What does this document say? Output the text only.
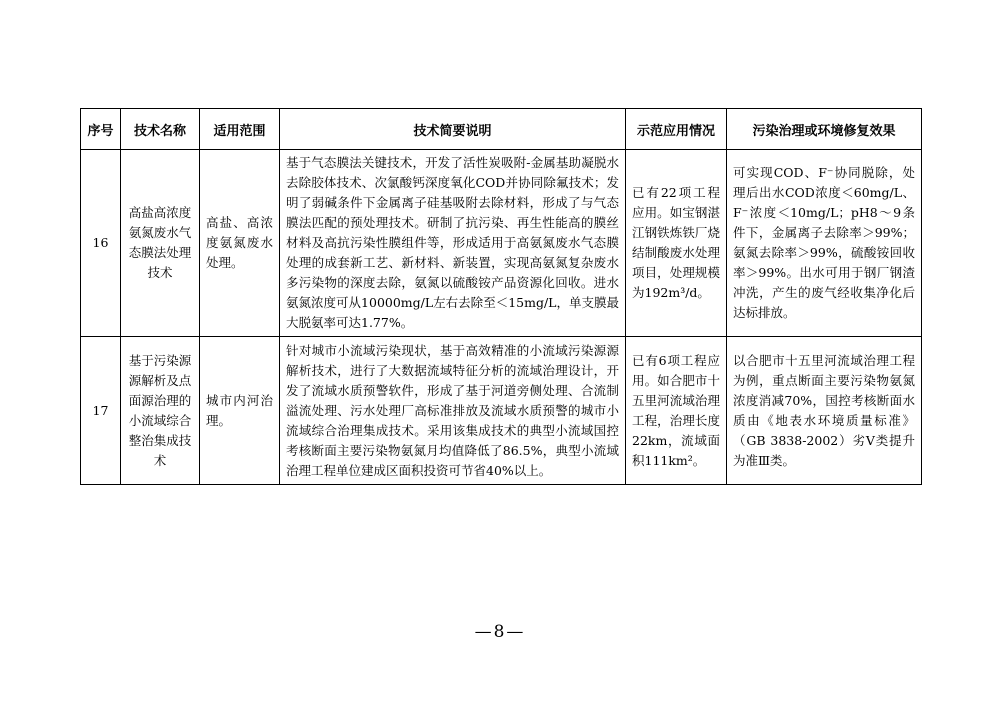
序号	技术名称	适用范围	技术简要说明	示范应用情况	污染治理或环境修复效果
16	高盐高浓度氨氮废水气态膜法处理技术	高盐、高浓度氨氮废水处理。	基于气态膜法关键技术，开发了活性炭吸附-金属基助凝脱水去除胶体技术、次氯酸钙深度氧化COD并协同除氟技术；发明了弱碱条件下金属离子硅基吸附去除材料，形成了与气态膜法匹配的预处理技术。研制了抗污染、再生性能高的膜丝材料及高抗污染性膜组件等，形成适用于高氨氮废水气态膜处理的成套新工艺、新材料、新装置，实现高氨氮复杂废水多污染物的深度去除，氨氮以硫酸铵产品资源化回收。进水氨氮浓度可从10000mg/L左右去除至＜15mg/L，单支膜最大脱氨率可达1.77%。	已有22项工程应用。如宝钢湛江钢铁炼铁厂烧结制酸废水处理项目，处理规模为192m³/d。	可实现COD、F⁻协同脱除，处理后出水COD浓度＜60mg/L、F⁻浓度＜10mg/L；pH8～9条件下，金属离子去除率＞99%；氨氮去除率＞99%，硫酸铵回收率＞99%。出水可用于钢厂钢渣冲洗，产生的废气经收集净化后达标排放。
17	基于污染源源解析及点面源治理的小流域综合整治集成技术	城市内河治理。	针对城市小流域污染现状，基于高效精准的小流域污染源源解析技术，进行了大数据流域特征分析的流域治理设计，开发了流域水质预警软件，形成了基于河道旁侧处理、合流制溢流处理、污水处理厂高标准排放及流域水质预警的城市小流域综合治理集成技术。采用该集成技术的典型小流域国控考核断面主要污染物氨氮月均值降低了86.5%，典型小流域治理工程单位建成区面积投资可节省40%以上。	已有6项工程应用。如合肥市十五里河流域治理工程，治理长度22km，流域面积111km²。	以合肥市十五里河流域治理工程为例，重点断面主要污染物氨氮浓度消减70%，国控考核断面水质由《地表水环境质量标准》（GB 3838-2002）劣Ⅴ类提升为准Ⅲ类。
—8—
